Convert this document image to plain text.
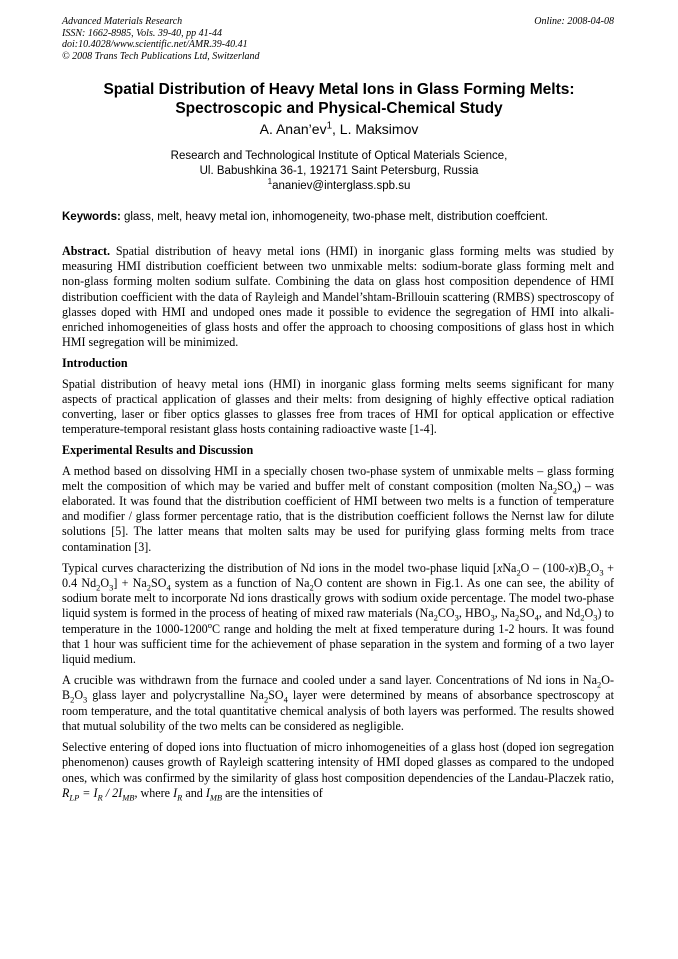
Advanced Materials Research
ISSN: 1662-8985, Vols. 39-40, pp 41-44
doi:10.4028/www.scientific.net/AMR.39-40.41
© 2008 Trans Tech Publications Ltd, Switzerland
Online: 2008-04-08
Spatial Distribution of Heavy Metal Ions in Glass Forming Melts:
Spectroscopic and Physical-Chemical Study
A. $Anan’ev^1$, L. Maksimov
Research and Technological Institute of Optical Materials Science,
Ul. Babushkina 36-1, 192171 Saint Petersburg, Russia
$^1$ananiev@interglass.spb.su
Keywords: glass, melt, heavy metal ion, inhomogeneity, two-phase melt, distribution coeffcient.

Abstract. Spatial distribution of heavy metal ions (HMI) in inorganic glass forming melts was studied by measuring HMI distribution coefficient between two unmixable melts: sodium-borate glass forming melt and non-glass forming molten sodium sulfate. Combining the data on glass host composition dependence of HMI distribution coefficient with the data of Rayleigh and Mandel’shtam-Brillouin scattering (RMBS) spectroscopy of glasses doped with HMI and undoped ones made it possible to evidence the segregation of HMI into alkali-enriched inhomogeneities of glass hosts and offer the approach to choosing compositions of glass host in which HMI segregation will be minimized.

Introduction

Spatial distribution of heavy metal ions (HMI) in inorganic glass forming melts seems significant for many aspects of practical application of glasses and their melts: from designing of highly effective optical radiation converting, laser or fiber optics glasses to glasses free from traces of HMI for optical application or effective temperature-temporal resistant glass hosts containing radioactive waste [1-4].

Experimental Results and Discussion

A method based on dissolving HMI in a specially chosen two-phase system of unmixable melts – glass forming melt the composition of which may be varied and buffer melt of constant composition (molten $Na_2SO_4$) – was elaborated. It was found that the distribution coefficient of HMI between two melts is a function of temperature and modifier / glass former percentage ratio, that is the distribution coefficient follows the Nernst law for dilute solutions [5]. The latter means that molten salts may be used for purifying glass forming melts from trace contamination [3].

Typical curves characterizing the distribution of Nd ions in the model two-phase liquid [$xNa_2O - (100-x)B_2O_3 + 0.4$ $Nd_2O_3] + Na_2SO_4$ system as a function of $Na_2O$ content are shown in Fig.1. As one can see, the ability of sodium borate melt to incorporate Nd ions drastically grows with sodium oxide percentage. The model two-phase liquid system is formed in the process of heating of mixed raw materials ($Na_2CO_3$, $HBO_3$, $Na_2SO_4$, and $Nd_2O_3$) to temperature in the 1000-1200$^o$C range and holding the melt at fixed temperature during 1-2 hours. It was found that 1 hour was sufficient time for the achievement of phase separation in the system and forming of a two layer liquid medium.

A crucible was withdrawn from the furnace and cooled under a sand layer. Concentrations of Nd ions in $Na_2O-B_2O_3$ glass layer and polycrystalline $Na_2SO_4$ layer were determined by means of absorbance spectroscopy at room temperature, and the total quantitative chemical analysis of both layers was performed. The results showed that mutual solubility of the two melts can be considered as negligible.

Selective entering of doped ions into fluctuation of micro inhomogeneities of a glass host (doped ion segregation phenomenon) causes growth of Rayleigh scattering intensity of HMI doped glasses as compared to the undoped ones, which was confirmed by the similarity of glass host composition dependencies of the Landau-Placzek ratio, $R_{LP} = I_R / 2I_{MB}$, where $I_R$ and $I_{MB}$ are the intensities of
